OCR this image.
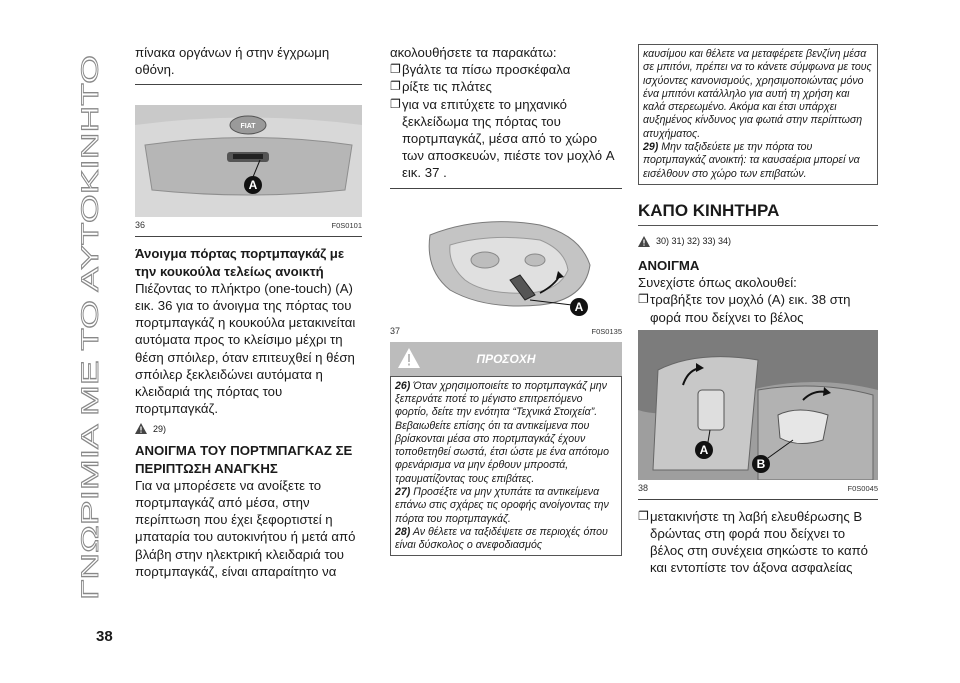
ΓΝΩΡΙΜΙΑ ΜΕ ΤΟ ΑΥΤΟΚΙΝΗΤΟ
38

πίνακα οργάνων ή στην έγχρωμη οθόνη.

FIAT
A
36	F0S0101

Άνοιγμα πόρτας πορτμπαγκάζ με την κουκούλα τελείως ανοικτή

Πιέζοντας το πλήκτρο (one-touch) (A) εικ. 36 για το άνοιγμα της πόρτας του πορτμπαγκάζ η κουκούλα μετακινείται αυτόματα προς το κλείσιμο μέχρι τη θέση σπόιλερ, όταν επιτευχθεί η θέση σπόιλερ ξεκλειδώνει αυτόματα η κλειδαριά της πόρτας του πορτμπαγκάζ.

29)

ΑΝΟΙΓΜΑ ΤΟΥ ΠΟΡΤΜΠΑΓΚΑΖ ΣΕ ΠΕΡΙΠΤΩΣΗ ΑΝΑΓΚΗΣ

Για να μπορέσετε να ανοίξετε το πορτμπαγκάζ από μέσα, στην περίπτωση που έχει ξεφορτιστεί η μπαταρία του αυτοκινήτου ή μετά από βλάβη στην ηλεκτρική κλειδαριά του πορτμπαγκάζ, είναι απαραίτητο να

ακολουθήσετε τα παρακάτω:

❐ βγάλτε τα πίσω προσκέφαλα
❐ ρίξτε τις πλάτες
❐ για να επιτύχετε το μηχανικό ξεκλείδωμα της πόρτας του πορτμπαγκάζ, μέσα από το χώρο των αποσκευών, πιέστε τον μοχλό A εικ. 37 .
A
37	F0S0135
ΠΡΟΣΟΧΗ

26) Όταν χρησιμοποιείτε το πορτμπαγκάζ μην ξεπερνάτε ποτέ το μέγιστο επιτρεπόμενο φορτίο, δείτε την ενότητα “Τεχνικά Στοιχεία”. Βεβαιωθείτε επίσης ότι τα αντικείμενα που βρίσκονται μέσα στο πορτμπαγκάζ έχουν τοποθετηθεί σωστά, έτσι ώστε με ένα απότομο φρενάρισμα να μην έρθουν μπροστά, τραυματίζοντας τους επιβάτες.

27) Προσέξτε να μην χτυπάτε τα αντικείμενα επάνω στις σχάρες τις οροφής ανοίγοντας την πόρτα του πορτμπαγκάζ.

28) Αν θέλετε να ταξιδέψετε σε περιοχές όπου είναι δύσκολος ο ανεφοδιασμός

καυσίμου και θέλετε να μεταφέρετε βενζίνη μέσα σε μπιτόνι, πρέπει να το κάνετε σύμφωνα με τους ισχύοντες κανονισμούς, χρησιμοποιώντας μόνο ένα μπιτόνι κατάλληλο για αυτή τη χρήση και καλά στερεωμένο. Ακόμα και έτσι υπάρχει αυξημένος κίνδυνος για φωτιά στην περίπτωση ατυχήματος.

29) Μην ταξιδεύετε με την πόρτα του πορτμπαγκάζ ανοικτή: τα καυσαέρια μπορεί να εισέλθουν στο χώρο των επιβατών.

ΚΑΠΟ ΚΙΝΗΤΗΡΑ
30) 31) 32) 33) 34)

ΑΝΟΙΓΜΑ

Συνεχίστε όπως ακολουθεί:

❐ τραβήξτε τον μοχλό (A) εικ. 38 στη φορά που δείχνει το βέλος
A
B
38	F0S0045
❐ μετακινήστε τη λαβή ελευθέρωσης B δρώντας στη φορά που δείχνει το βέλος στη συνέχεια σηκώστε το καπό και εντοπίστε τον άξονα ασφαλείας
